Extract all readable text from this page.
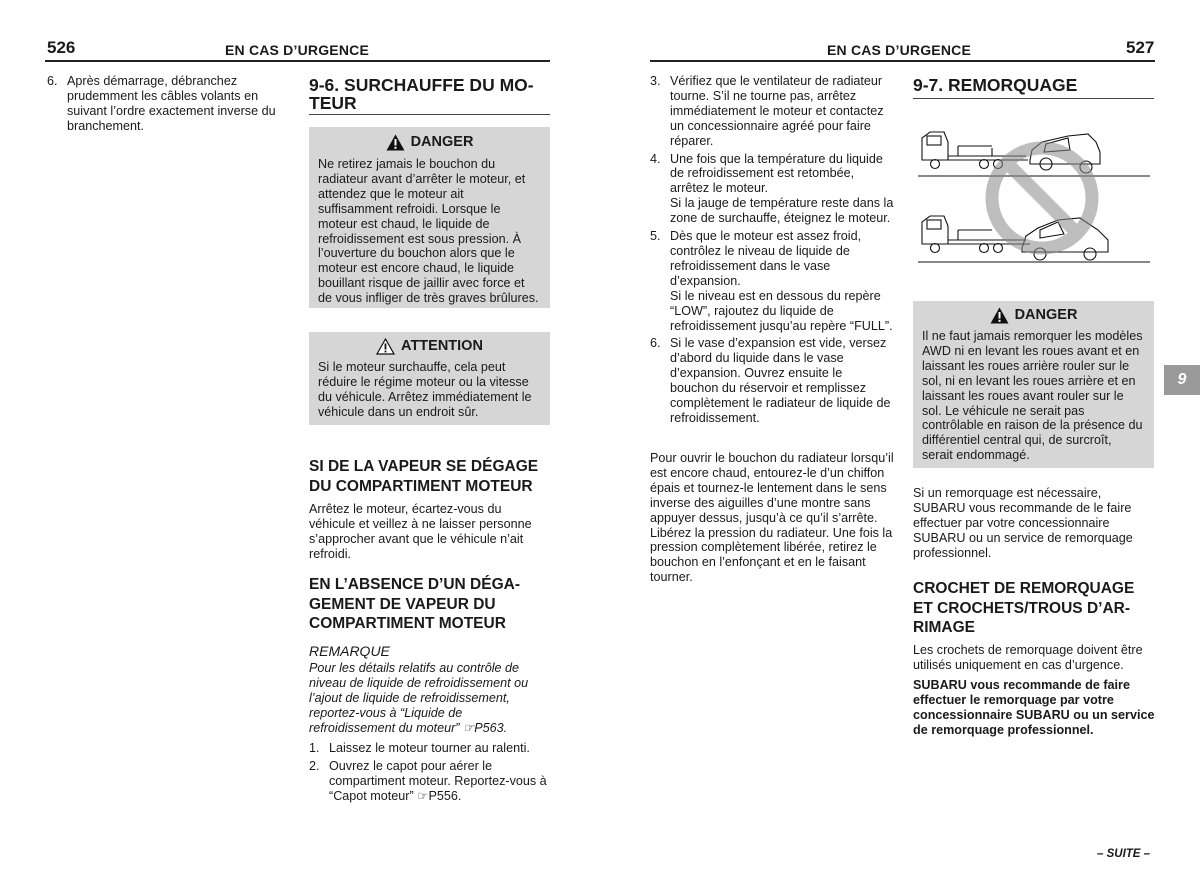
526	EN CAS D’URGENCE	EN CAS D’URGENCE	527
6. Après démarrage, débranchez prudemment les câbles volants en suivant l’ordre exactement inverse du branchement.
9-6. SURCHAUFFE DU MO-
TEUR
DANGER
Ne retirez jamais le bouchon du radiateur avant d’arrêter le moteur, et attendez que le moteur ait suffisamment refroidi. Lorsque le moteur est chaud, le liquide de refroidissement est sous pression. À l’ouverture du bouchon alors que le moteur est encore chaud, le liquide bouillant risque de jaillir avec force et de vous infliger de très graves brûlures.
ATTENTION
Si le moteur surchauffe, cela peut réduire le régime moteur ou la vitesse du véhicule. Arrêtez immédiatement le véhicule dans un endroit sûr.
SI DE LA VAPEUR SE DÉGAGE
DU COMPARTIMENT MOTEUR
Arrêtez le moteur, écartez-vous du véhicule et veillez à ne laisser personne s’approcher avant que le véhicule n’ait refroidi.
EN L’ABSENCE D’UN DÉGA-
GEMENT DE VAPEUR DU
COMPARTIMENT MOTEUR
REMARQUE
Pour les détails relatifs au contrôle de niveau de liquide de refroidissement ou l’ajout de liquide de refroidissement, reportez-vous à “Liquide de refroidissement du moteur” ☞P563.
1. Laissez le moteur tourner au ralenti.
2. Ouvrez le capot pour aérer le compartiment moteur. Reportez-vous à “Capot moteur” ☞P556.
3. Vérifiez que le ventilateur de radiateur tourne. S’il ne tourne pas, arrêtez immédiatement le moteur et contactez un concessionnaire agréé pour faire réparer.
4. Une fois que la température du liquide de refroidissement est retombée, arrêtez le moteur.
Si la jauge de température reste dans la zone de surchauffe, éteignez le moteur.
5. Dès que le moteur est assez froid, contrôlez le niveau de liquide de refroidissement dans le vase d’expansion.
Si le niveau est en dessous du repère “LOW”, rajoutez du liquide de refroidissement jusqu’au repère “FULL”.
6. Si le vase d’expansion est vide, versez d’abord du liquide dans le vase d’expansion. Ouvrez ensuite le bouchon du réservoir et remplissez complètement le radiateur de liquide de refroidissement.
Pour ouvrir le bouchon du radiateur lorsqu’il est encore chaud, entourez-le d’un chiffon épais et tournez-le lentement dans le sens inverse des aiguilles d’une montre sans appuyer dessus, jusqu’à ce qu’il s’arrête. Libérez la pression du radiateur. Une fois la pression complètement libérée, retirez le bouchon en l’enfonçant et en le faisant tourner.
9-7. REMORQUAGE
DANGER
Il ne faut jamais remorquer les modèles AWD ni en levant les roues avant et en laissant les roues arrière rouler sur le sol, ni en levant les roues arrière et en laissant les roues avant rouler sur le sol. Le véhicule ne serait pas contrôlable en raison de la présence du différentiel central qui, de surcroît, serait endommagé.
Si un remorquage est nécessaire, SUBARU vous recommande de le faire effectuer par votre concessionnaire SUBARU ou un service de remorquage professionnel.
CROCHET DE REMORQUAGE
ET CROCHETS/TROUS D’AR-
RIMAGE
Les crochets de remorquage doivent être utilisés uniquement en cas d’urgence.
SUBARU vous recommande de faire effectuer le remorquage par votre concessionnaire SUBARU ou un service de remorquage professionnel.
9
– SUITE –
